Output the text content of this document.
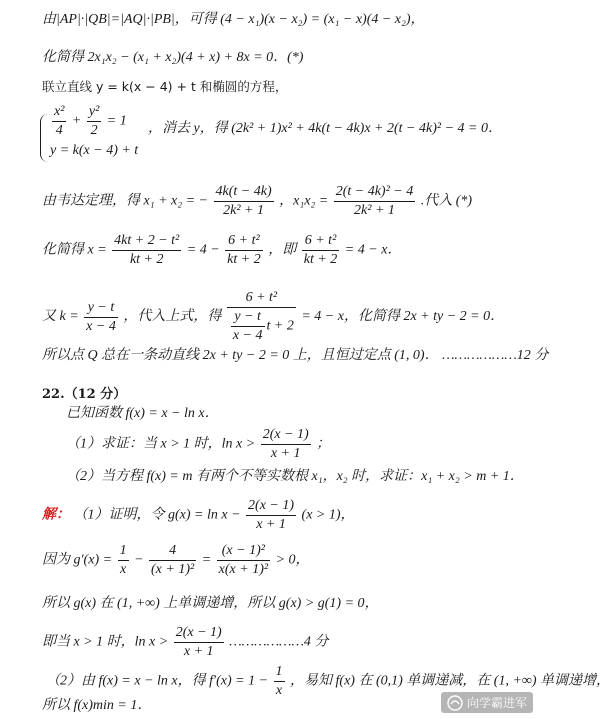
由|AP|·|QB|=|AQ|·|PB|，可得 (4 − x₁)(x − x₂) = (x₁ − x)(4 − x₂)，
化简得 2x₁x₂ − (x₁ + x₂)(4 + x) + 8x = 0．(*)
联立直线 y = k(x − 4) + t 和椭圆的方程，
$\frac{\text{x²}}{4} + \frac{\text{y²}}{2} = 1$
y = k(x − 4) + t
，消去 y，得 (2k² + 1)x² + 4k(t − 4k)x + 2(t − 4k)² − 4 = 0．
由韦达定理，得 x₁ + x₂ = − $\frac{4k(t - 4k)}{\text{2k² + 1}}$ ，$x_1x_2 = \frac{\text{2(t − 4k)² − 4}}{\text{2k² + 1}}$ .代入 (*)
化简得 $x = \frac{\text{4kt + 2 − t²}}{kt + 2} = 4 - \frac{\text{6 + t²}}{kt + 2}$ ，即 $\frac{\text{6 + t²}}{kt + 2} = 4 - x$．
又 $k = \frac{y - t}{x - 4}$ ，代入上式，得 $\frac{\text{6 + t²}}{\frac{y - t}{x - 4} t + 2} = 4 - x$，化简得 2x + ty − 2 = 0．
所以点 Q 总在一条动直线 2x + ty − 2 = 0 上，且恒过定点 (1, 0)． ………………12 分
22.（12 分）
已知函数 f(x) = x − ln x．
（1）求证：当 x > 1 时，$\ln x > \frac{2(x - 1)}{x + 1}$ ；
（2）当方程 f(x) = m 有两个不等实数根 x₁，x₂ 时，求证：x₁ + x₂ > m + 1．
解： （1）证明，令 $g(x) = \ln x - \frac{2(x - 1)}{x + 1} (x > 1)$，
因为 $g'(x) = \frac{1}{x} - \frac{4}{\text{(x + 1)²}} = \frac{\text{(x − 1)²}}{\text{x(x + 1)²}} > 0$，
所以 g(x) 在 (1, +∞) 上单调递增，所以 g(x) > g(1) = 0，
即当 x > 1 时，$\ln x > \frac{2(x - 1)}{x + 1}$ ………………4 分
（2）由 f(x) = x − ln x，得 $f'(x) = 1 - \frac{1}{x}$ ，易知 f(x) 在 (0,1) 单调递减，在 (1, +∞) 单调递增，
所以 f(x)min = 1．	向学霸进军
